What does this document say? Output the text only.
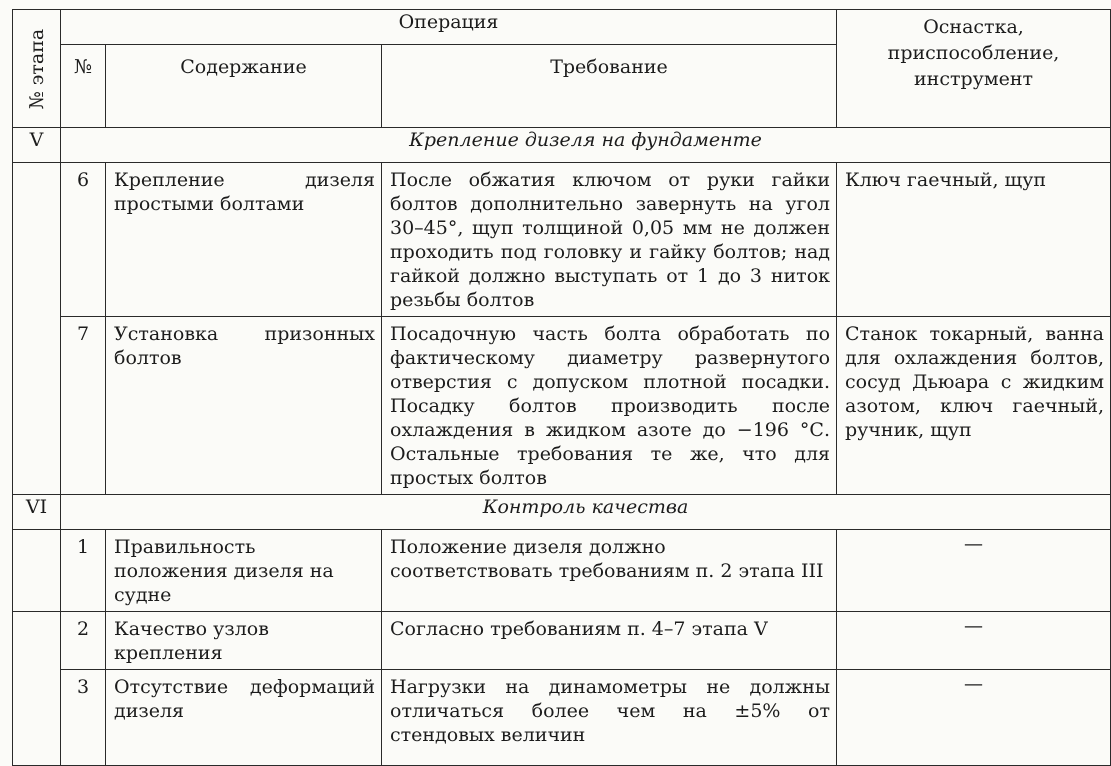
№ этапа	Операция			Оснастка, приспособление, инструмент
	№	Содержание	Требование	
V	Крепление дизеля на фундаменте			
	6	Крепление дизеля простыми болтами	После обжатия ключом от руки гайки болтов дополнительно завернуть на угол 30–45°, щуп толщиной 0,05 мм не должен проходить под головку и гайку болтов; над гайкой должно выступать от 1 до 3 ниток резьбы болтов	Ключ гаечный, щуп
	7	Установка призонных болтов	Посадочную часть болта обработать по фактическому диаметру развернутого отверстия с допуском плотной посадки. Посадку болтов производить после охлаждения в жидком азоте до −196 °С. Остальные требования те же, что для простых болтов	Станок токарный, ванна для охлаждения болтов, сосуд Дьюара с жидким азотом, ключ гаечный, ручник, щуп
VI	Контроль качества			
	1	Правильность положения дизеля на судне	Положение дизеля должно соответствовать требованиям п. 2 этапа III	—
	2	Качество узлов крепления	Согласно требованиям п. 4–7 этапа V	—
	3	Отсутствие деформаций дизеля	Нагрузки на динамометры не должны отличаться более чем на ±5% от стендовых величин	—
